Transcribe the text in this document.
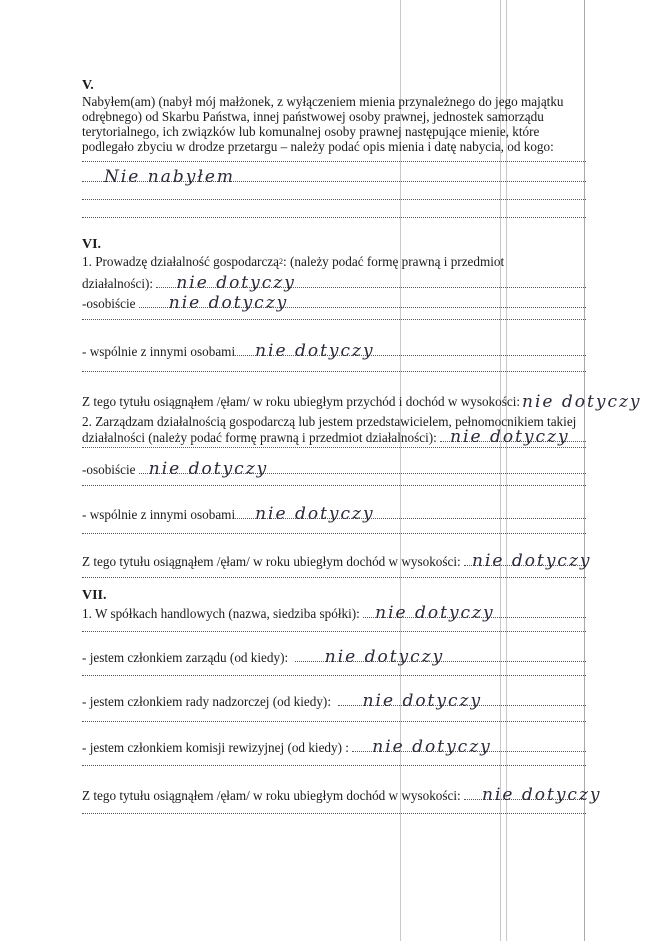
V.
Nabyłem(am) (nabył mój małżonek, z wyłączeniem mienia przynależnego do jego majątku odrębnego) od Skarbu Państwa, innej państwowej osoby prawnej, jednostek samorządu terytorialnego, ich związków lub komunalnej osoby prawnej następujące mienie, które podlegało zbyciu w drodze przetargu – należy podać opis mienia i datę nabycia, od kogo:
Nie nabyłem
VI.
1. Prowadzę działalność gospodarczą 2 : (należy podać formę prawną i przedmiot
działalności):
nie dotyczy
-osobiście
nie dotyczy
- wspólnie z innymi osobami nie dotyczy
Z tego tytułu osiągnąłem /ęłam/ w roku ubiegłym przychód i dochód w wysokości: nie dotyczy
2. Zarządzam działalnością gospodarczą lub jestem przedstawicielem, pełnomocnikiem takiej
działalności (należy podać formę prawną i przedmiot działalności):
nie dotyczy
-osobiście
nie dotyczy
- wspólnie z innymi osobami nie dotyczy
Z tego tytułu osiągnąłem /ęłam/ w roku ubiegłym dochód w wysokości:
nie dotyczy
VII.
1. W spółkach handlowych (nazwa, siedziba spółki):
nie dotyczy
- jestem członkiem zarządu (od kiedy):
nie dotyczy
- jestem członkiem rady nadzorczej (od kiedy):
nie dotyczy
- jestem członkiem komisji rewizyjnej (od kiedy) :
nie dotyczy
Z tego tytułu osiągnąłem /ęłam/ w roku ubiegłym dochód w wysokości:
nie dotyczy
